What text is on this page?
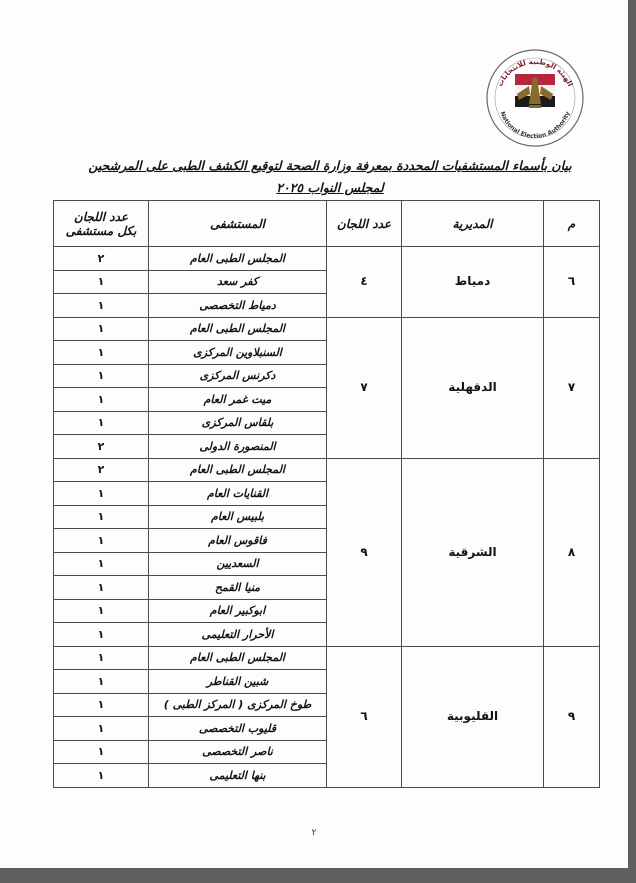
الهيئة الوطنية للانتخابات
National Election Authority
بيان بأسماء المستشفيات المحددة بمعرفة وزارة الصحة لتوقيع الكشف الطبى على المرشحين
لمجلس النواب ٢٠٢٥
م	المديرية	عدد اللجان	المستشفى	عدد اللجان بكل مستشفى
٦	دمياط	٤	المجلس الطبى العام	٢
			كفر سعد	١
			دمياط التخصصى	١
٧	الدقهلية	٧	المجلس الطبى العام	١
			السنبلاوين المركزى	١
			دكرنس المركزى	١
			ميت غمر العام	١
			بلقاس المركزى	١
			المنصورة الدولى	٢
٨	الشرقية	٩	المجلس الطبى العام	٢
			القنايات العام	١
			بلبيس العام	١
			فاقوس العام	١
			السعديين	١
			منيا القمح	١
			ابوكبير العام	١
			الأحرار التعليمى	١
٩	القليوبية	٦	المجلس الطبى العام	١
			شبين القناطر	١
			طوخ المركزى ( المركز الطبى )	١
			قليوب التخصصى	١
			ناصر التخصصى	١
			بنها التعليمى	١
٢
